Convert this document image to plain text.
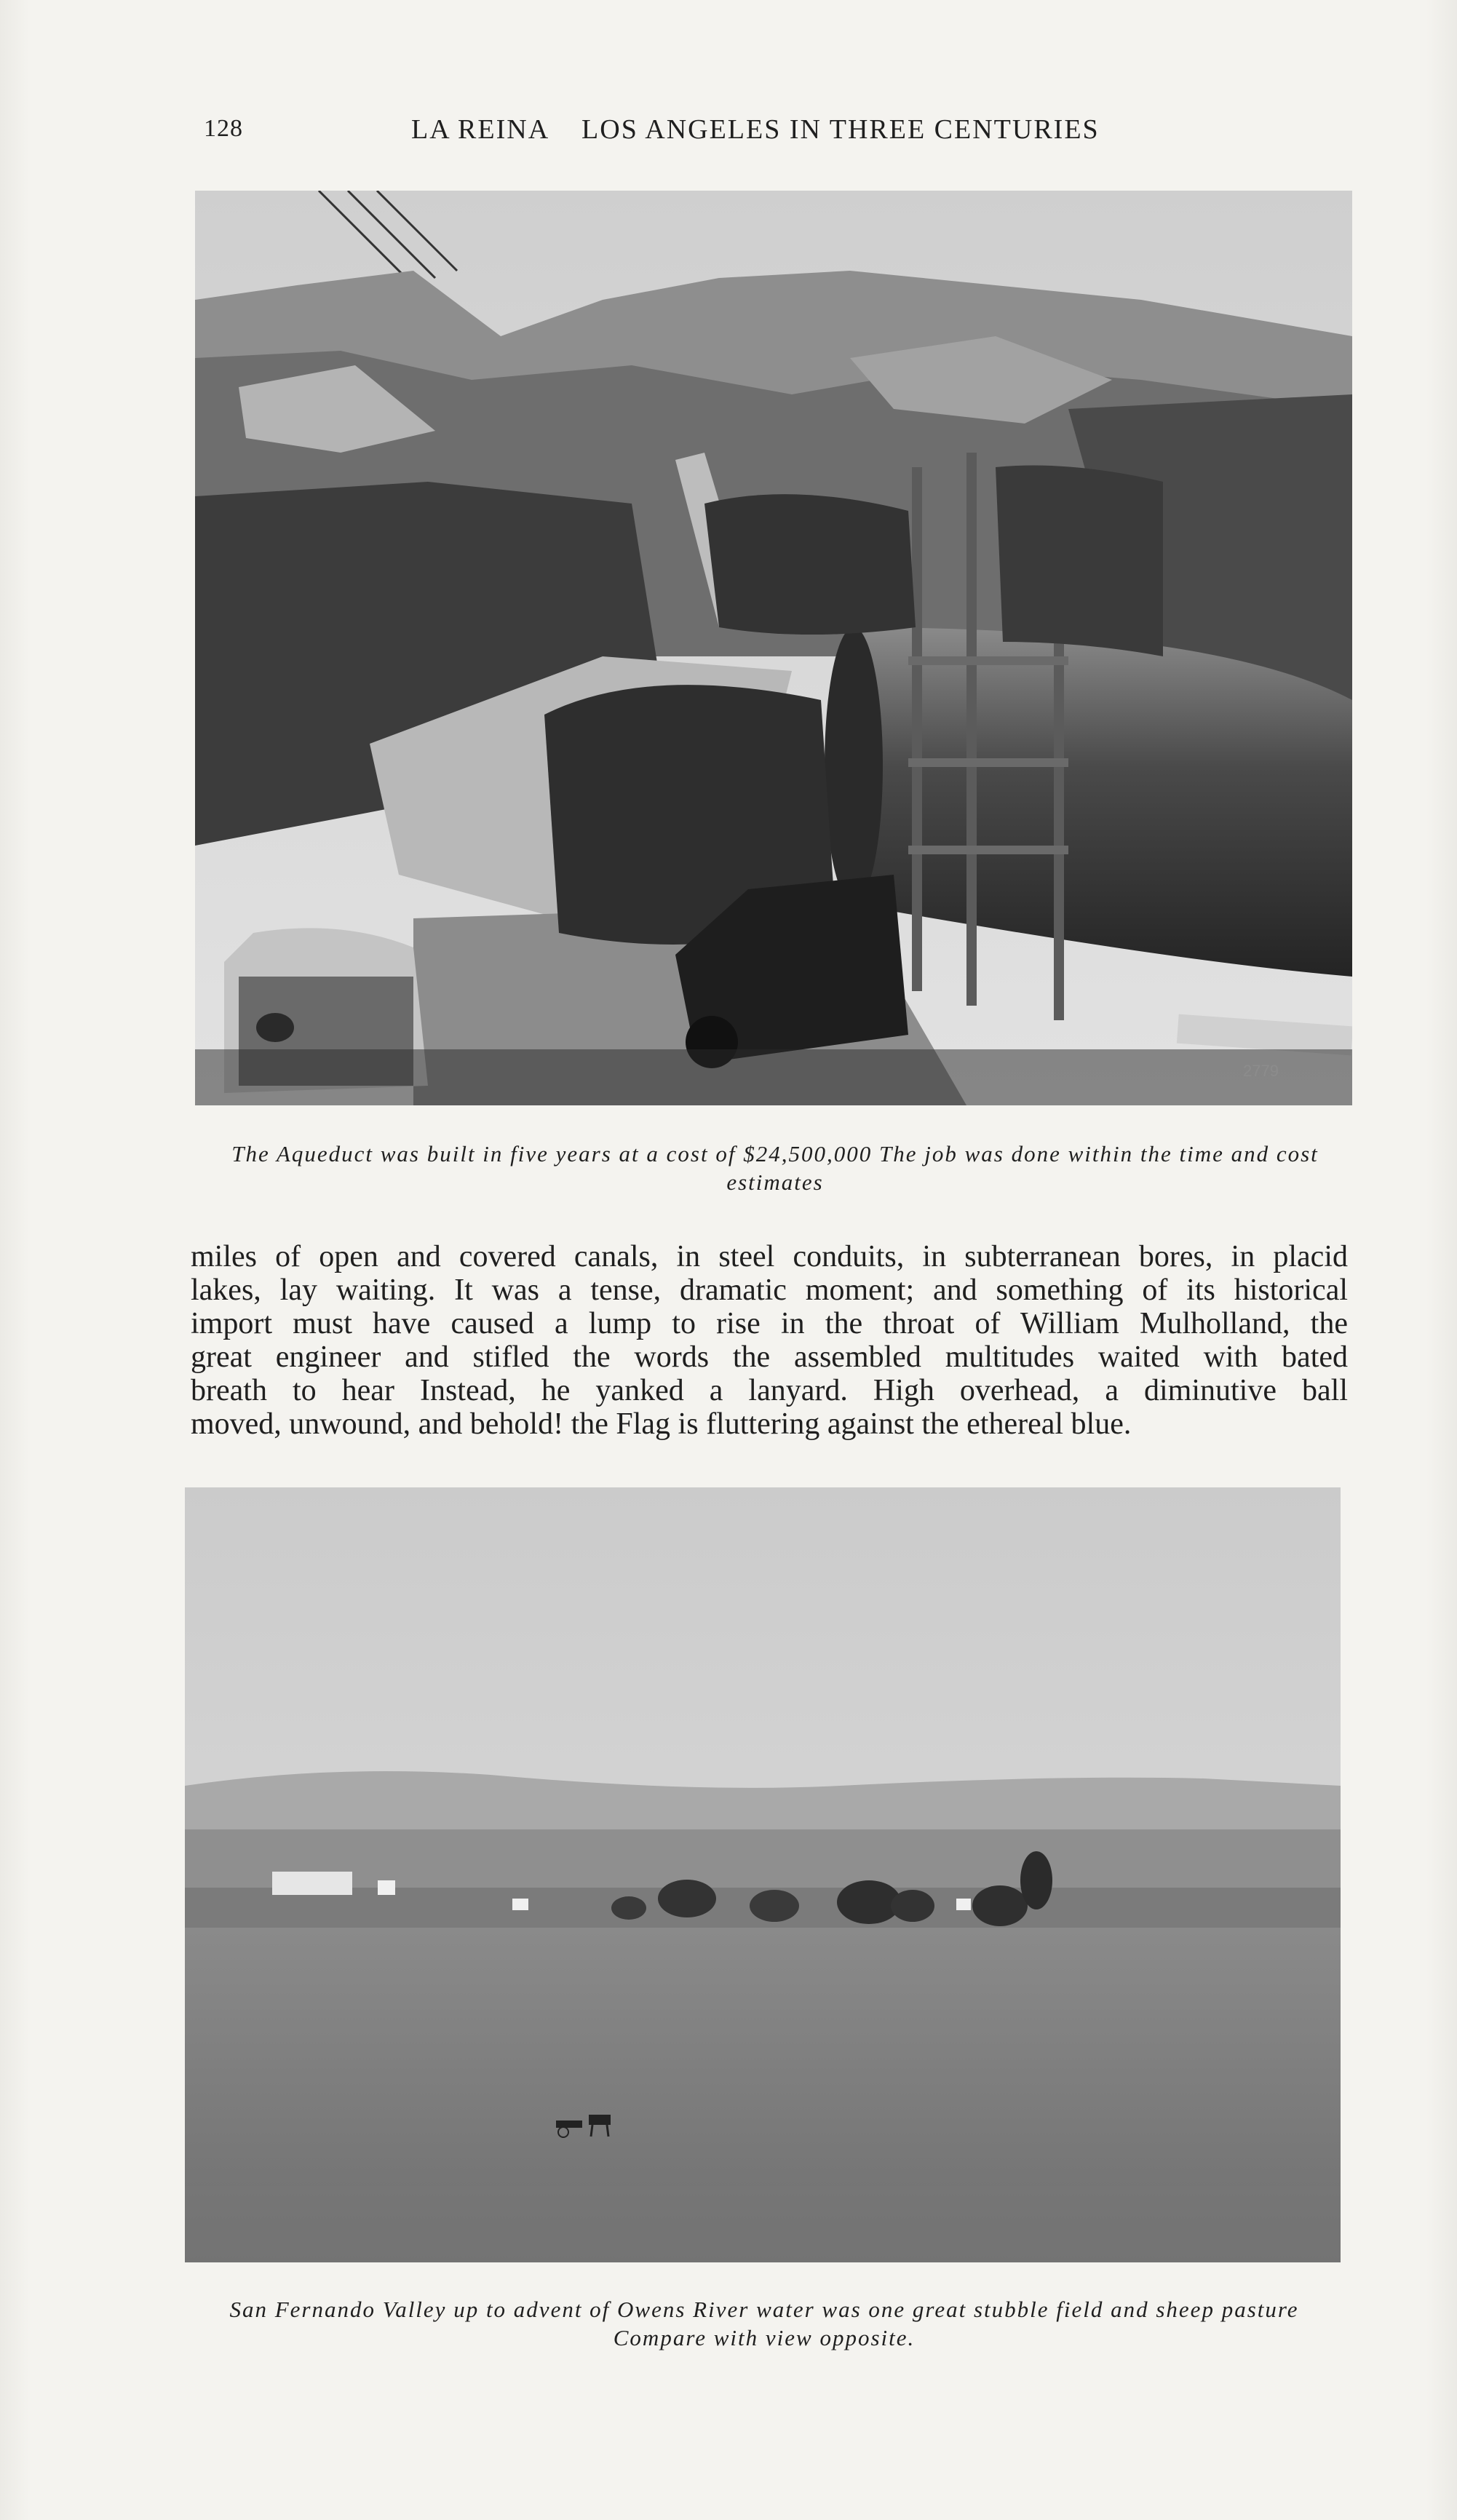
128	LA REINA    LOS ANGELES IN THREE CENTURIES
The Aqueduct was built in five years at a cost of $24,500,000 The job was done within the time and cost estimates
miles of open and covered canals, in steel conduits, in subterranean bores, in placid
lakes, lay waiting. It was a tense, dramatic moment; and something of its historical
import must have caused a lump to rise in the throat of William Mulholland, the
great engineer and stifled the words the assembled multitudes waited with bated
breath to hear Instead, he yanked a lanyard. High overhead, a diminutive ball
moved, unwound, and behold! the Flag is fluttering against the ethereal blue.
San Fernando Valley up to advent of Owens River water was one great stubble field and sheep pasture Compare with view opposite.
